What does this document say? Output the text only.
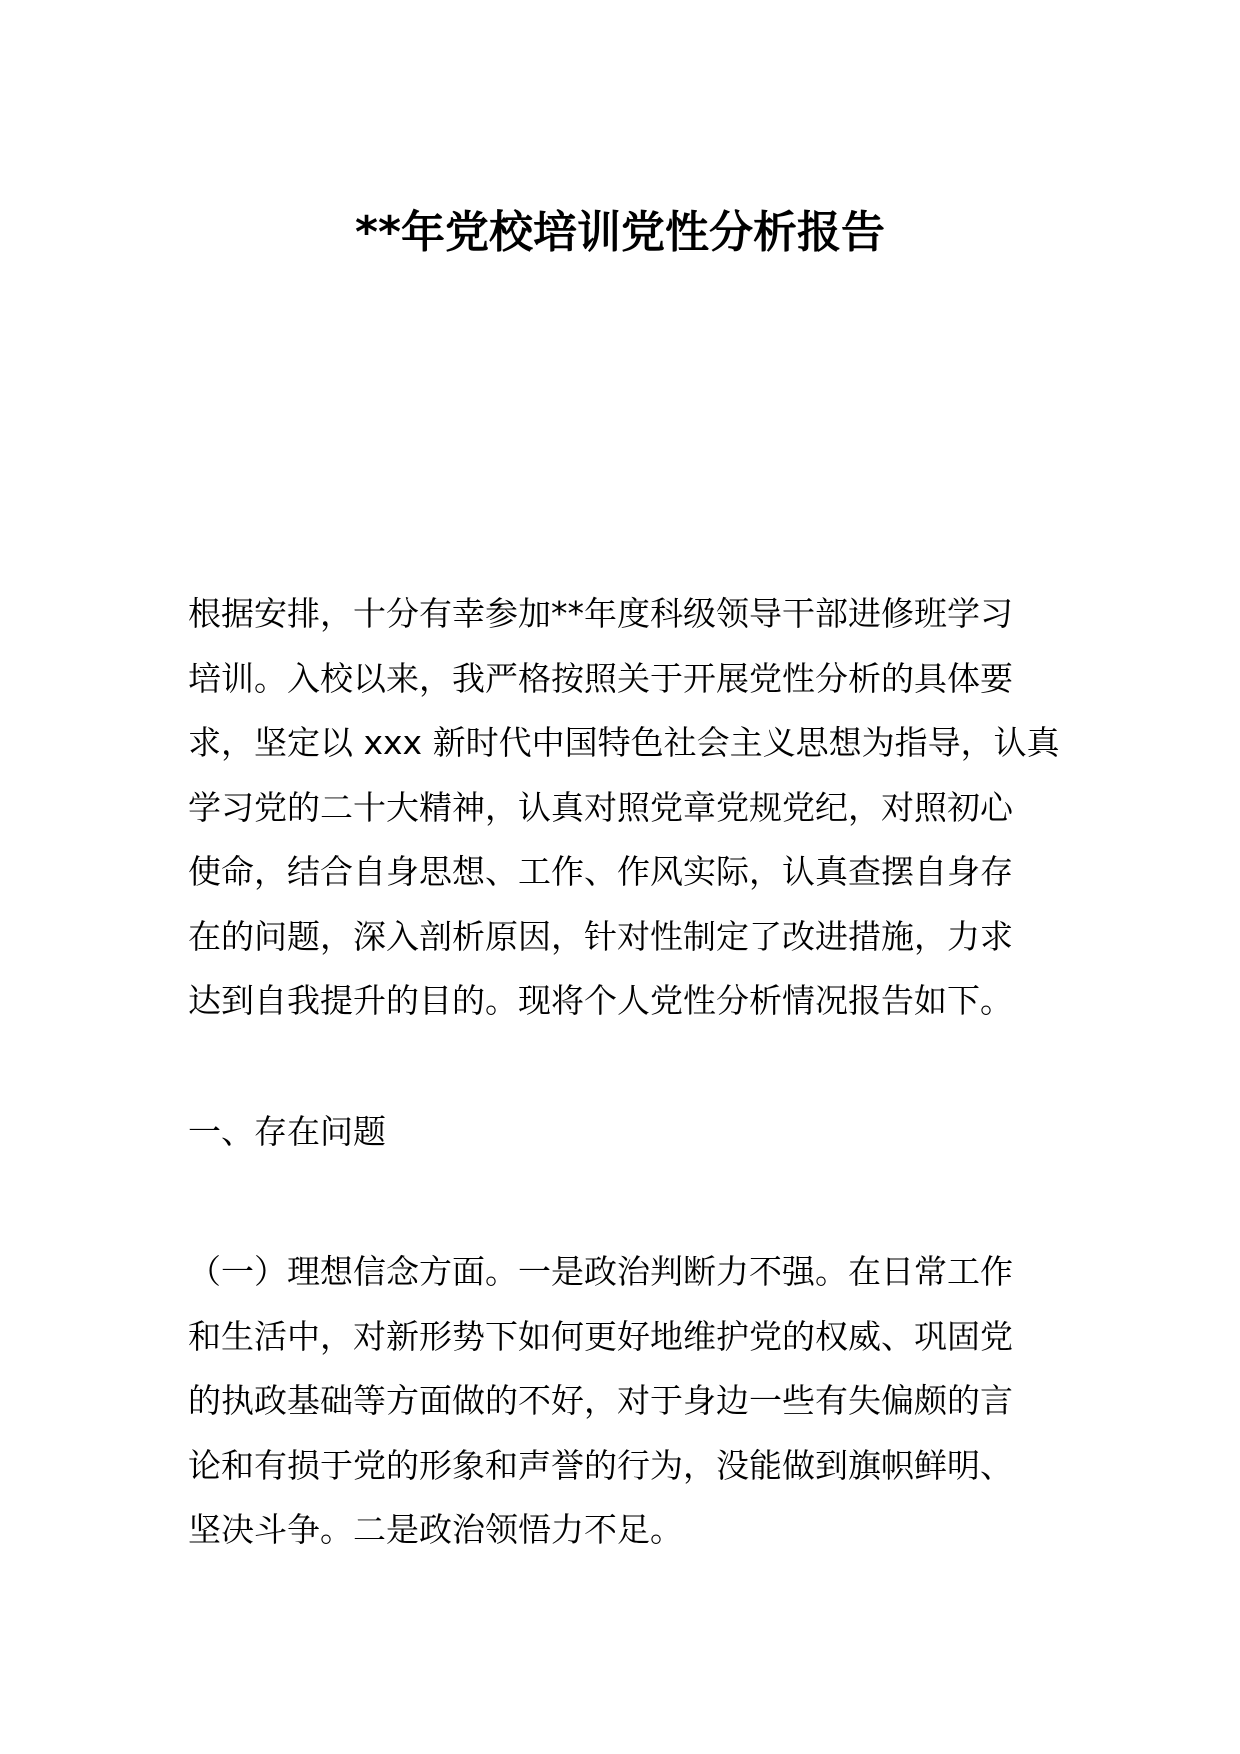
**年党校培训党性分析报告
根据安排，十分有幸参加**年度科级领导干部进修班学习
培训。入校以来，我严格按照关于开展党性分析的具体要
求，坚定以 xxx 新时代中国特色社会主义思想为指导，认真
学习党的二十大精神，认真对照党章党规党纪，对照初心
使命，结合自身思想、工作、作风实际，认真查摆自身存
在的问题，深入剖析原因，针对性制定了改进措施，力求
达到自我提升的目的。现将个人党性分析情况报告如下。
一、存在问题
（一）理想信念方面。一是政治判断力不强。在日常工作
和生活中，对新形势下如何更好地维护党的权威、巩固党
的执政基础等方面做的不好，对于身边一些有失偏颇的言
论和有损于党的形象和声誉的行为，没能做到旗帜鲜明、
坚决斗争。二是政治领悟力不足。
